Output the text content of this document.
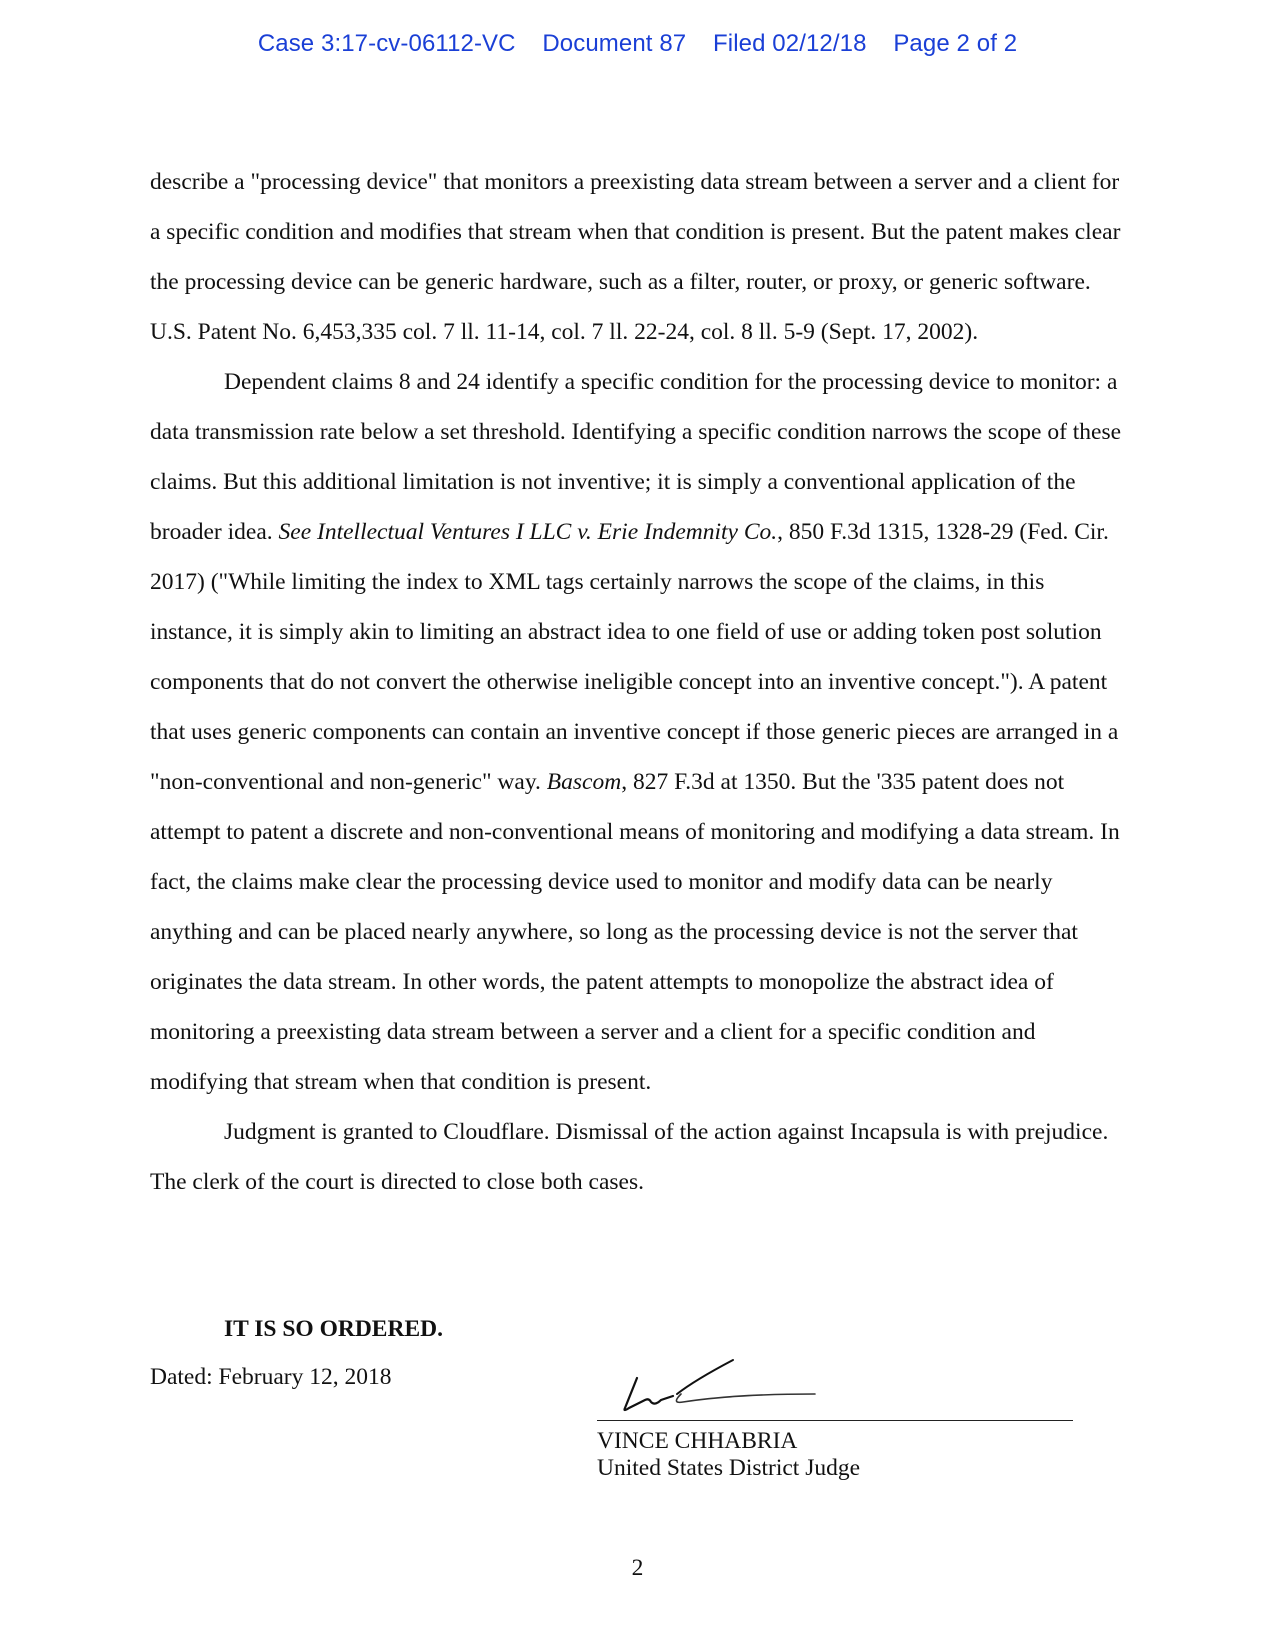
Case 3:17-cv-06112-VC Document 87 Filed 02/12/18 Page 2 of 2

describe a "processing device" that monitors a preexisting data stream between a server and a client for a specific condition and modifies that stream when that condition is present. But the patent makes clear the processing device can be generic hardware, such as a filter, router, or proxy, or generic software. U.S. Patent No. 6,453,335 col. 7 ll. 11-14, col. 7 ll. 22-24, col. 8 ll. 5-9 (Sept. 17, 2002).

Dependent claims 8 and 24 identify a specific condition for the processing device to monitor: a data transmission rate below a set threshold. Identifying a specific condition narrows the scope of these claims. But this additional limitation is not inventive; it is simply a conventional application of the broader idea. See Intellectual Ventures I LLC v. Erie Indemnity Co., 850 F.3d 1315, 1328-29 (Fed. Cir. 2017) ("While limiting the index to XML tags certainly narrows the scope of the claims, in this instance, it is simply akin to limiting an abstract idea to one field of use or adding token post solution components that do not convert the otherwise ineligible concept into an inventive concept."). A patent that uses generic components can contain an inventive concept if those generic pieces are arranged in a "non-conventional and non-generic" way. Bascom, 827 F.3d at 1350. But the '335 patent does not attempt to patent a discrete and non-conventional means of monitoring and modifying a data stream. In fact, the claims make clear the processing device used to monitor and modify data can be nearly anything and can be placed nearly anywhere, so long as the processing device is not the server that originates the data stream. In other words, the patent attempts to monopolize the abstract idea of monitoring a preexisting data stream between a server and a client for a specific condition and modifying that stream when that condition is present.

Judgment is granted to Cloudflare. Dismissal of the action against Incapsula is with prejudice. The clerk of the court is directed to close both cases.

IT IS SO ORDERED.
Dated: February 12, 2018
VINCE CHHABRIA
United States District Judge
2
